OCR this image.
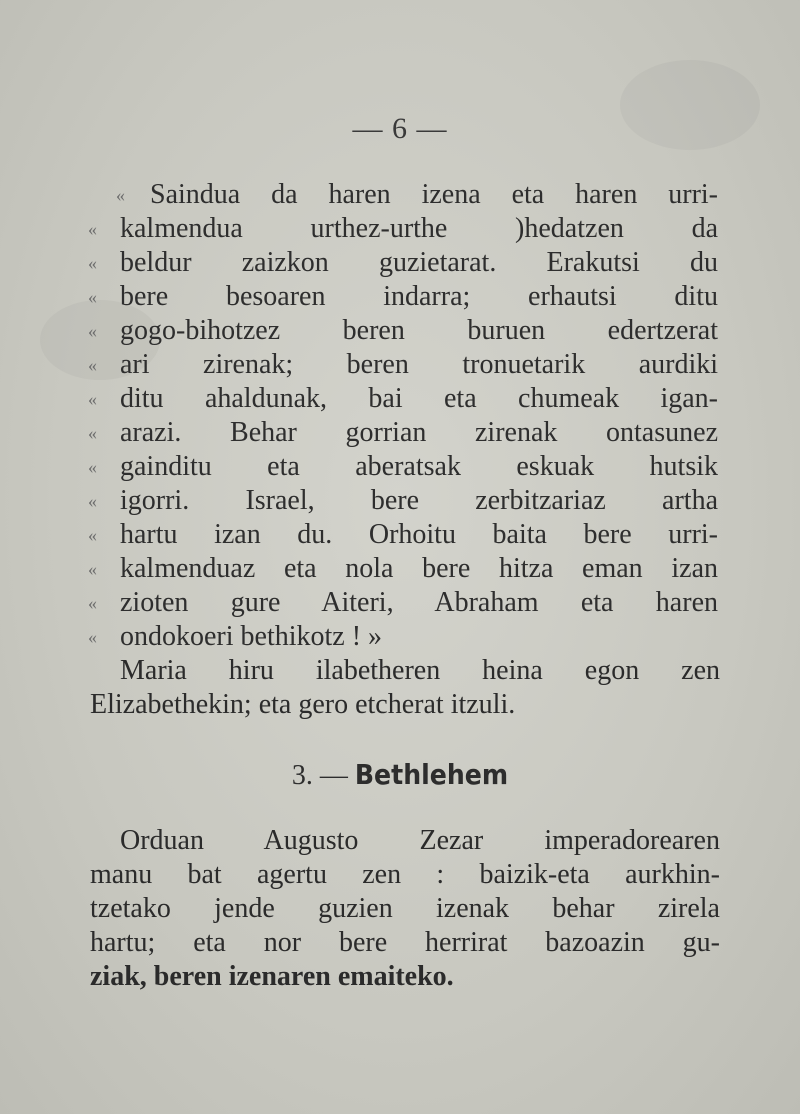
— 6 —
« Saindua da haren izena eta haren urri-
« kalmendua urthez-urthe )hedatzen da
« beldur zaizkon guzietarat. Erakutsi du
« bere besoaren indarra; erhautsi ditu
« gogo-bihotzez beren buruen edertzerat
« ari zirenak; beren tronuetarik aurdiki
« ditu ahaldunak, bai eta chumeak igan-
« arazi. Behar gorrian zirenak ontasunez
« gainditu eta aberatsak eskuak hutsik
« igorri. Israel, bere zerbitzariaz artha
« hartu izan du. Orhoitu baita bere urri-
« kalmenduaz eta nola bere hitza eman izan
« zioten gure Aiteri, Abraham eta haren
« ondokoeri bethikotz ! »
Maria hiru ilabetheren heina egon zen
Elizabethekin; eta gero etcherat itzuli.
3. — Bethlehem
Orduan Augusto Zezar imperadorearen
manu bat agertu zen : baizik-eta aurkhin-
tzetako jende guzien izenak behar zirela
hartu; eta nor bere herrirat bazoazin gu-
ziak, beren izenaren emaiteko.
